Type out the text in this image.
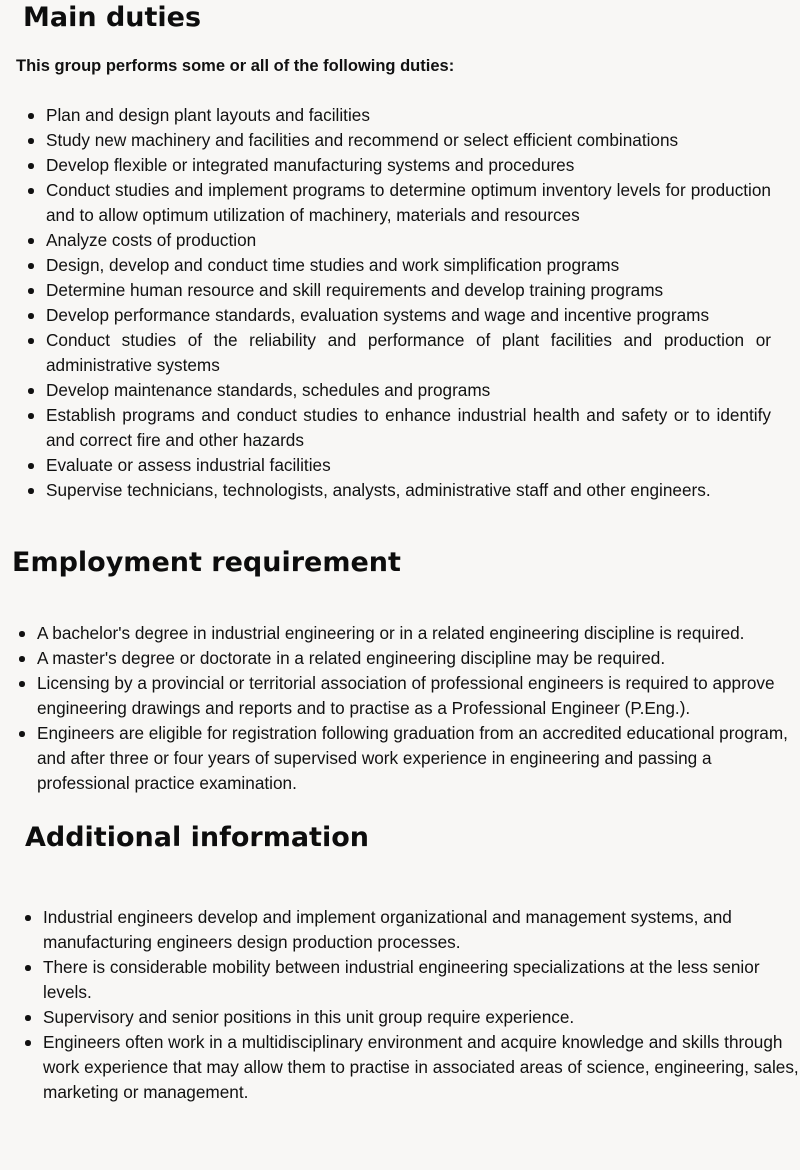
Main duties

This group performs some or all of the following duties:

Plan and design plant layouts and facilities
Study new machinery and facilities and recommend or select efficient combinations
Develop flexible or integrated manufacturing systems and procedures
Conduct studies and implement programs to determine optimum inventory levels for production and to allow optimum utilization of machinery, materials and resources
Analyze costs of production
Design, develop and conduct time studies and work simplification programs
Determine human resource and skill requirements and develop training programs
Develop performance standards, evaluation systems and wage and incentive programs
Conduct studies of the reliability and performance of plant facilities and production or administrative systems
Develop maintenance standards, schedules and programs
Establish programs and conduct studies to enhance industrial health and safety or to identify and correct fire and other hazards
Evaluate or assess industrial facilities
Supervise technicians, technologists, analysts, administrative staff and other engineers.
Employment requirement
A bachelor's degree in industrial engineering or in a related engineering discipline is required.
A master's degree or doctorate in a related engineering discipline may be required.
Licensing by a provincial or territorial association of professional engineers is required to approve engineering drawings and reports and to practise as a Professional Engineer (P.Eng.).
Engineers are eligible for registration following graduation from an accredited educational program, and after three or four years of supervised work experience in engineering and passing a professional practice examination.
Additional information
Industrial engineers develop and implement organizational and management systems, and manufacturing engineers design production processes.
There is considerable mobility between industrial engineering specializations at the less senior levels.
Supervisory and senior positions in this unit group require experience.
Engineers often work in a multidisciplinary environment and acquire knowledge and skills through work experience that may allow them to practise in associated areas of science, engineering, sales, marketing or management.
